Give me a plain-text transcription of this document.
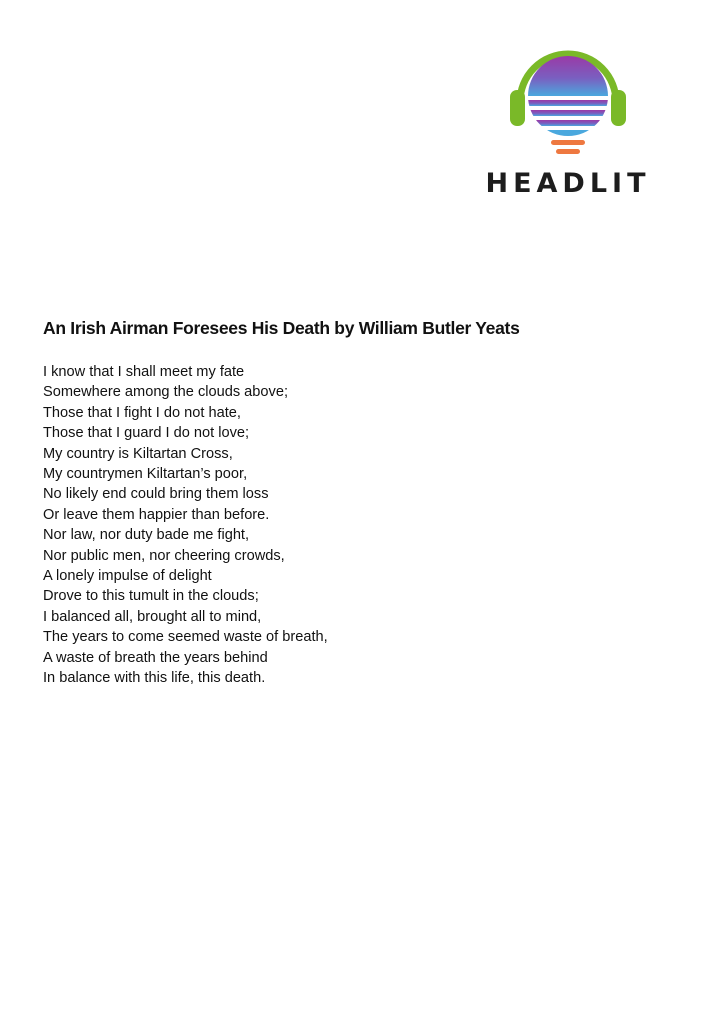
HEADLIT
An Irish Airman Foresees His Death by William Butler Yeats
I know that I shall meet my fate
Somewhere among the clouds above;
Those that I fight I do not hate,
Those that I guard I do not love;
My country is Kiltartan Cross,
My countrymen Kiltartan’s poor,
No likely end could bring them loss
Or leave them happier than before.
Nor law, nor duty bade me fight,
Nor public men, nor cheering crowds,
A lonely impulse of delight
Drove to this tumult in the clouds;
I balanced all, brought all to mind,
The years to come seemed waste of breath,
A waste of breath the years behind
In balance with this life, this death.
